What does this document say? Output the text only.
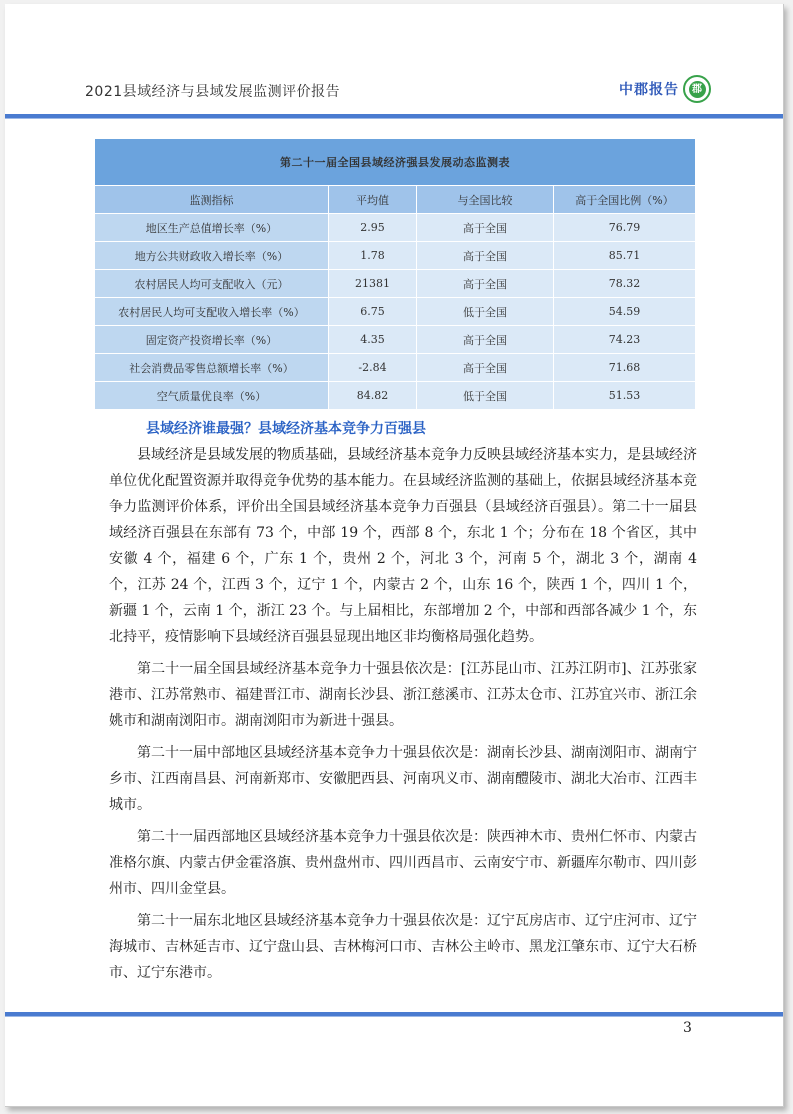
2021县域经济与县域发展监测评价报告	中郡报告	郡
第二十一届全国县域经济强县发展动态监测表			
监测指标	平均值	与全国比较	高于全国比例（%）
地区生产总值增长率（%）	2.95	高于全国	76.79
地方公共财政收入增长率（%）	1.78	高于全国	85.71
农村居民人均可支配收入（元）	21381	高于全国	78.32
农村居民人均可支配收入增长率（%）	6.75	低于全国	54.59
固定资产投资增长率（%）	4.35	高于全国	74.23
社会消费品零售总额增长率（%）	-2.84	高于全国	71.68
空气质量优良率（%）	84.82	低于全国	51.53
县域经济谁最强？县域经济基本竞争力百强县

县域经济是县域发展的物质基础，县域经济基本竞争力反映县域经济基本实力，是县域经济单位优化配置资源并取得竞争优势的基本能力。在县域经济监测的基础上，依据县域经济基本竞争力监测评价体系，评价出全国县域经济基本竞争力百强县（县域经济百强县）。第二十一届县域经济百强县在东部有 73 个，中部 19 个，西部 8 个，东北 1 个；分布在 18 个省区，其中安徽 4 个，福建 6 个，广东 1 个，贵州 2 个，河北 3 个，河南 5 个，湖北 3 个，湖南 4 个，江苏 24 个，江西 3 个，辽宁 1 个，内蒙古 2 个，山东 16 个，陕西 1 个，四川 1 个，新疆 1 个，云南 1 个，浙江 23 个。与上届相比，东部增加 2 个，中部和西部各减少 1 个，东北持平，疫情影响下县域经济百强县显现出地区非均衡格局强化趋势。

第二十一届全国县域经济基本竞争力十强县依次是：[江苏昆山市、江苏江阴市]、江苏张家港市、江苏常熟市、福建晋江市、湖南长沙县、浙江慈溪市、江苏太仓市、江苏宜兴市、浙江余姚市和湖南浏阳市。湖南浏阳市为新进十强县。

第二十一届中部地区县域经济基本竞争力十强县依次是：湖南长沙县、湖南浏阳市、湖南宁乡市、江西南昌县、河南新郑市、安徽肥西县、河南巩义市、湖南醴陵市、湖北大冶市、江西丰城市。

第二十一届西部地区县域经济基本竞争力十强县依次是：陕西神木市、贵州仁怀市、内蒙古准格尔旗、内蒙古伊金霍洛旗、贵州盘州市、四川西昌市、云南安宁市、新疆库尔勒市、四川彭州市、四川金堂县。

第二十一届东北地区县域经济基本竞争力十强县依次是：辽宁瓦房店市、辽宁庄河市、辽宁海城市、吉林延吉市、辽宁盘山县、吉林梅河口市、吉林公主岭市、黑龙江肇东市、辽宁大石桥市、辽宁东港市。

3
